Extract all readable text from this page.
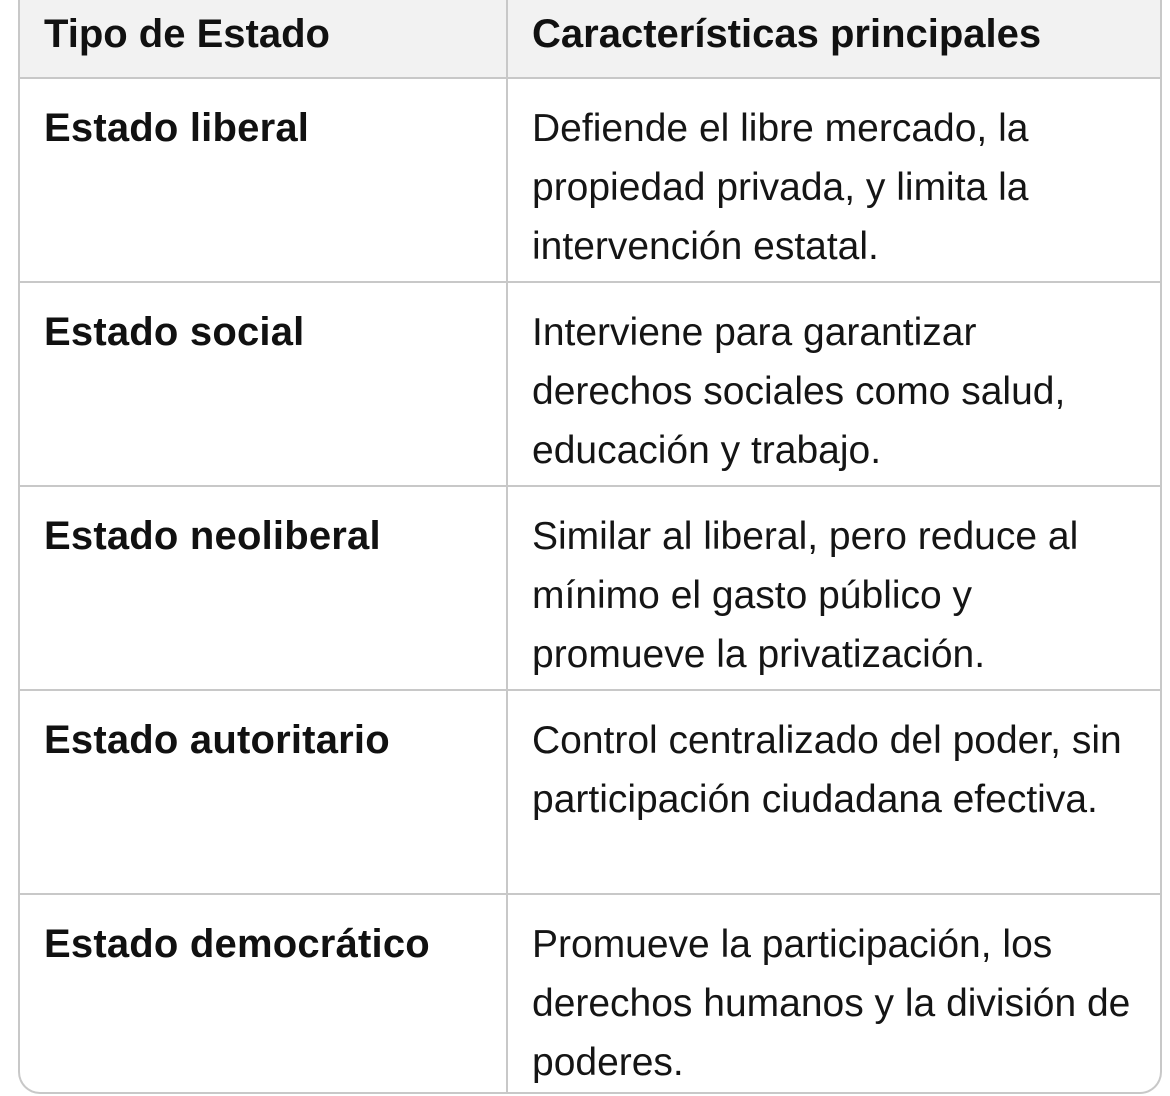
Tipo de Estado	Características principales
Estado liberal	Defiende el libre mercado, la propiedad privada, y limita la intervención estatal.
Estado social	Interviene para garantizar derechos sociales como salud, educación y trabajo.
Estado neoliberal	Similar al liberal, pero reduce al mínimo el gasto público y promueve la privatización.
Estado autoritario	Control centralizado del poder, sin participación ciudadana efectiva.
Estado democrático	Promueve la participación, los derechos humanos y la división de poderes.
